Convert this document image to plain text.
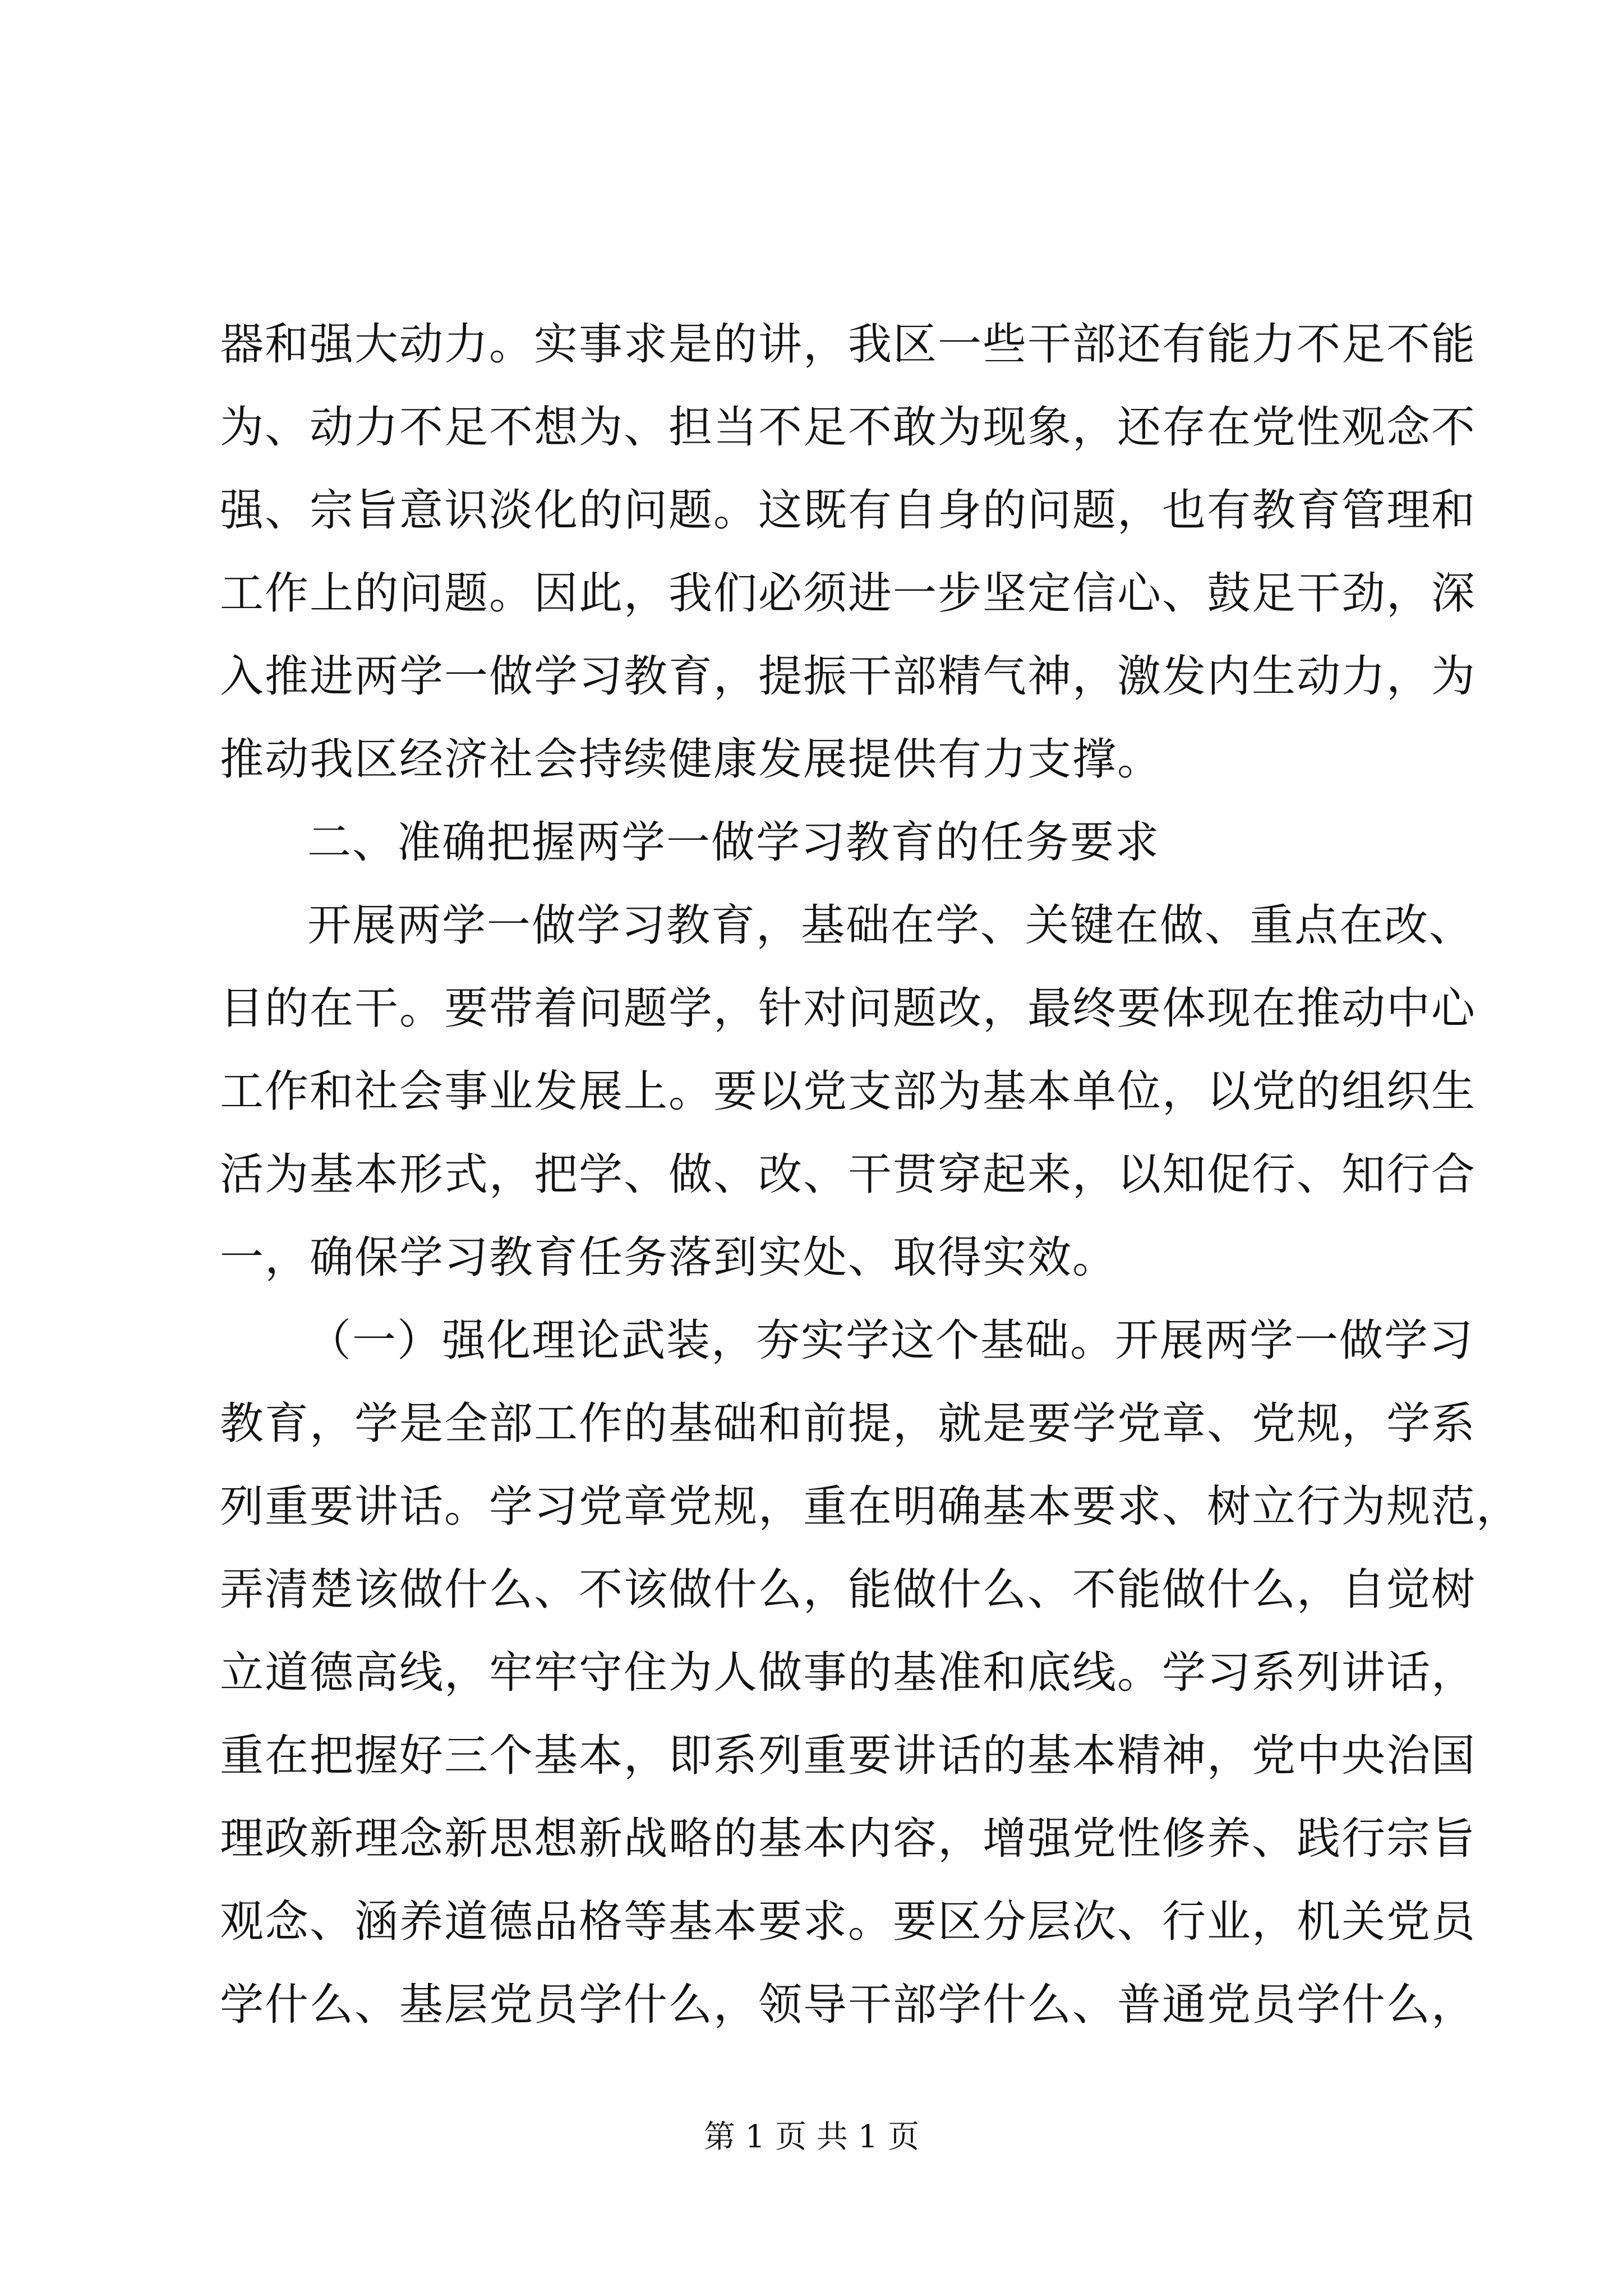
器和强大动力。实事求是的讲，我区一些干部还有能力不足不能
为、动力不足不想为、担当不足不敢为现象，还存在党性观念不
强、宗旨意识淡化的问题。这既有自身的问题，也有教育管理和
工作上的问题。因此，我们必须进一步坚定信心、鼓足干劲，深
入推进两学一做学习教育，提振干部精气神，激发内生动力，为
推动我区经济社会持续健康发展提供有力支撑。
二、准确把握两学一做学习教育的任务要求
开展两学一做学习教育，基础在学、关键在做、重点在改、
目的在干。要带着问题学，针对问题改，最终要体现在推动中心
工作和社会事业发展上。要以党支部为基本单位，以党的组织生
活为基本形式，把学、做、改、干贯穿起来，以知促行、知行合
一，确保学习教育任务落到实处、取得实效。
（一）强化理论武装，夯实学这个基础。开展两学一做学习
教育，学是全部工作的基础和前提，就是要学党章、党规，学系
列重要讲话。学习党章党规，重在明确基本要求、树立行为规范，
弄清楚该做什么、不该做什么，能做什么、不能做什么，自觉树
立道德高线，牢牢守住为人做事的基准和底线。学习系列讲话，
重在把握好三个基本，即系列重要讲话的基本精神，党中央治国
理政新理念新思想新战略的基本内容，增强党性修养、践行宗旨
观念、涵养道德品格等基本要求。要区分层次、行业，机关党员
学什么、基层党员学什么，领导干部学什么、普通党员学什么，
第 1 页 共 1 页
